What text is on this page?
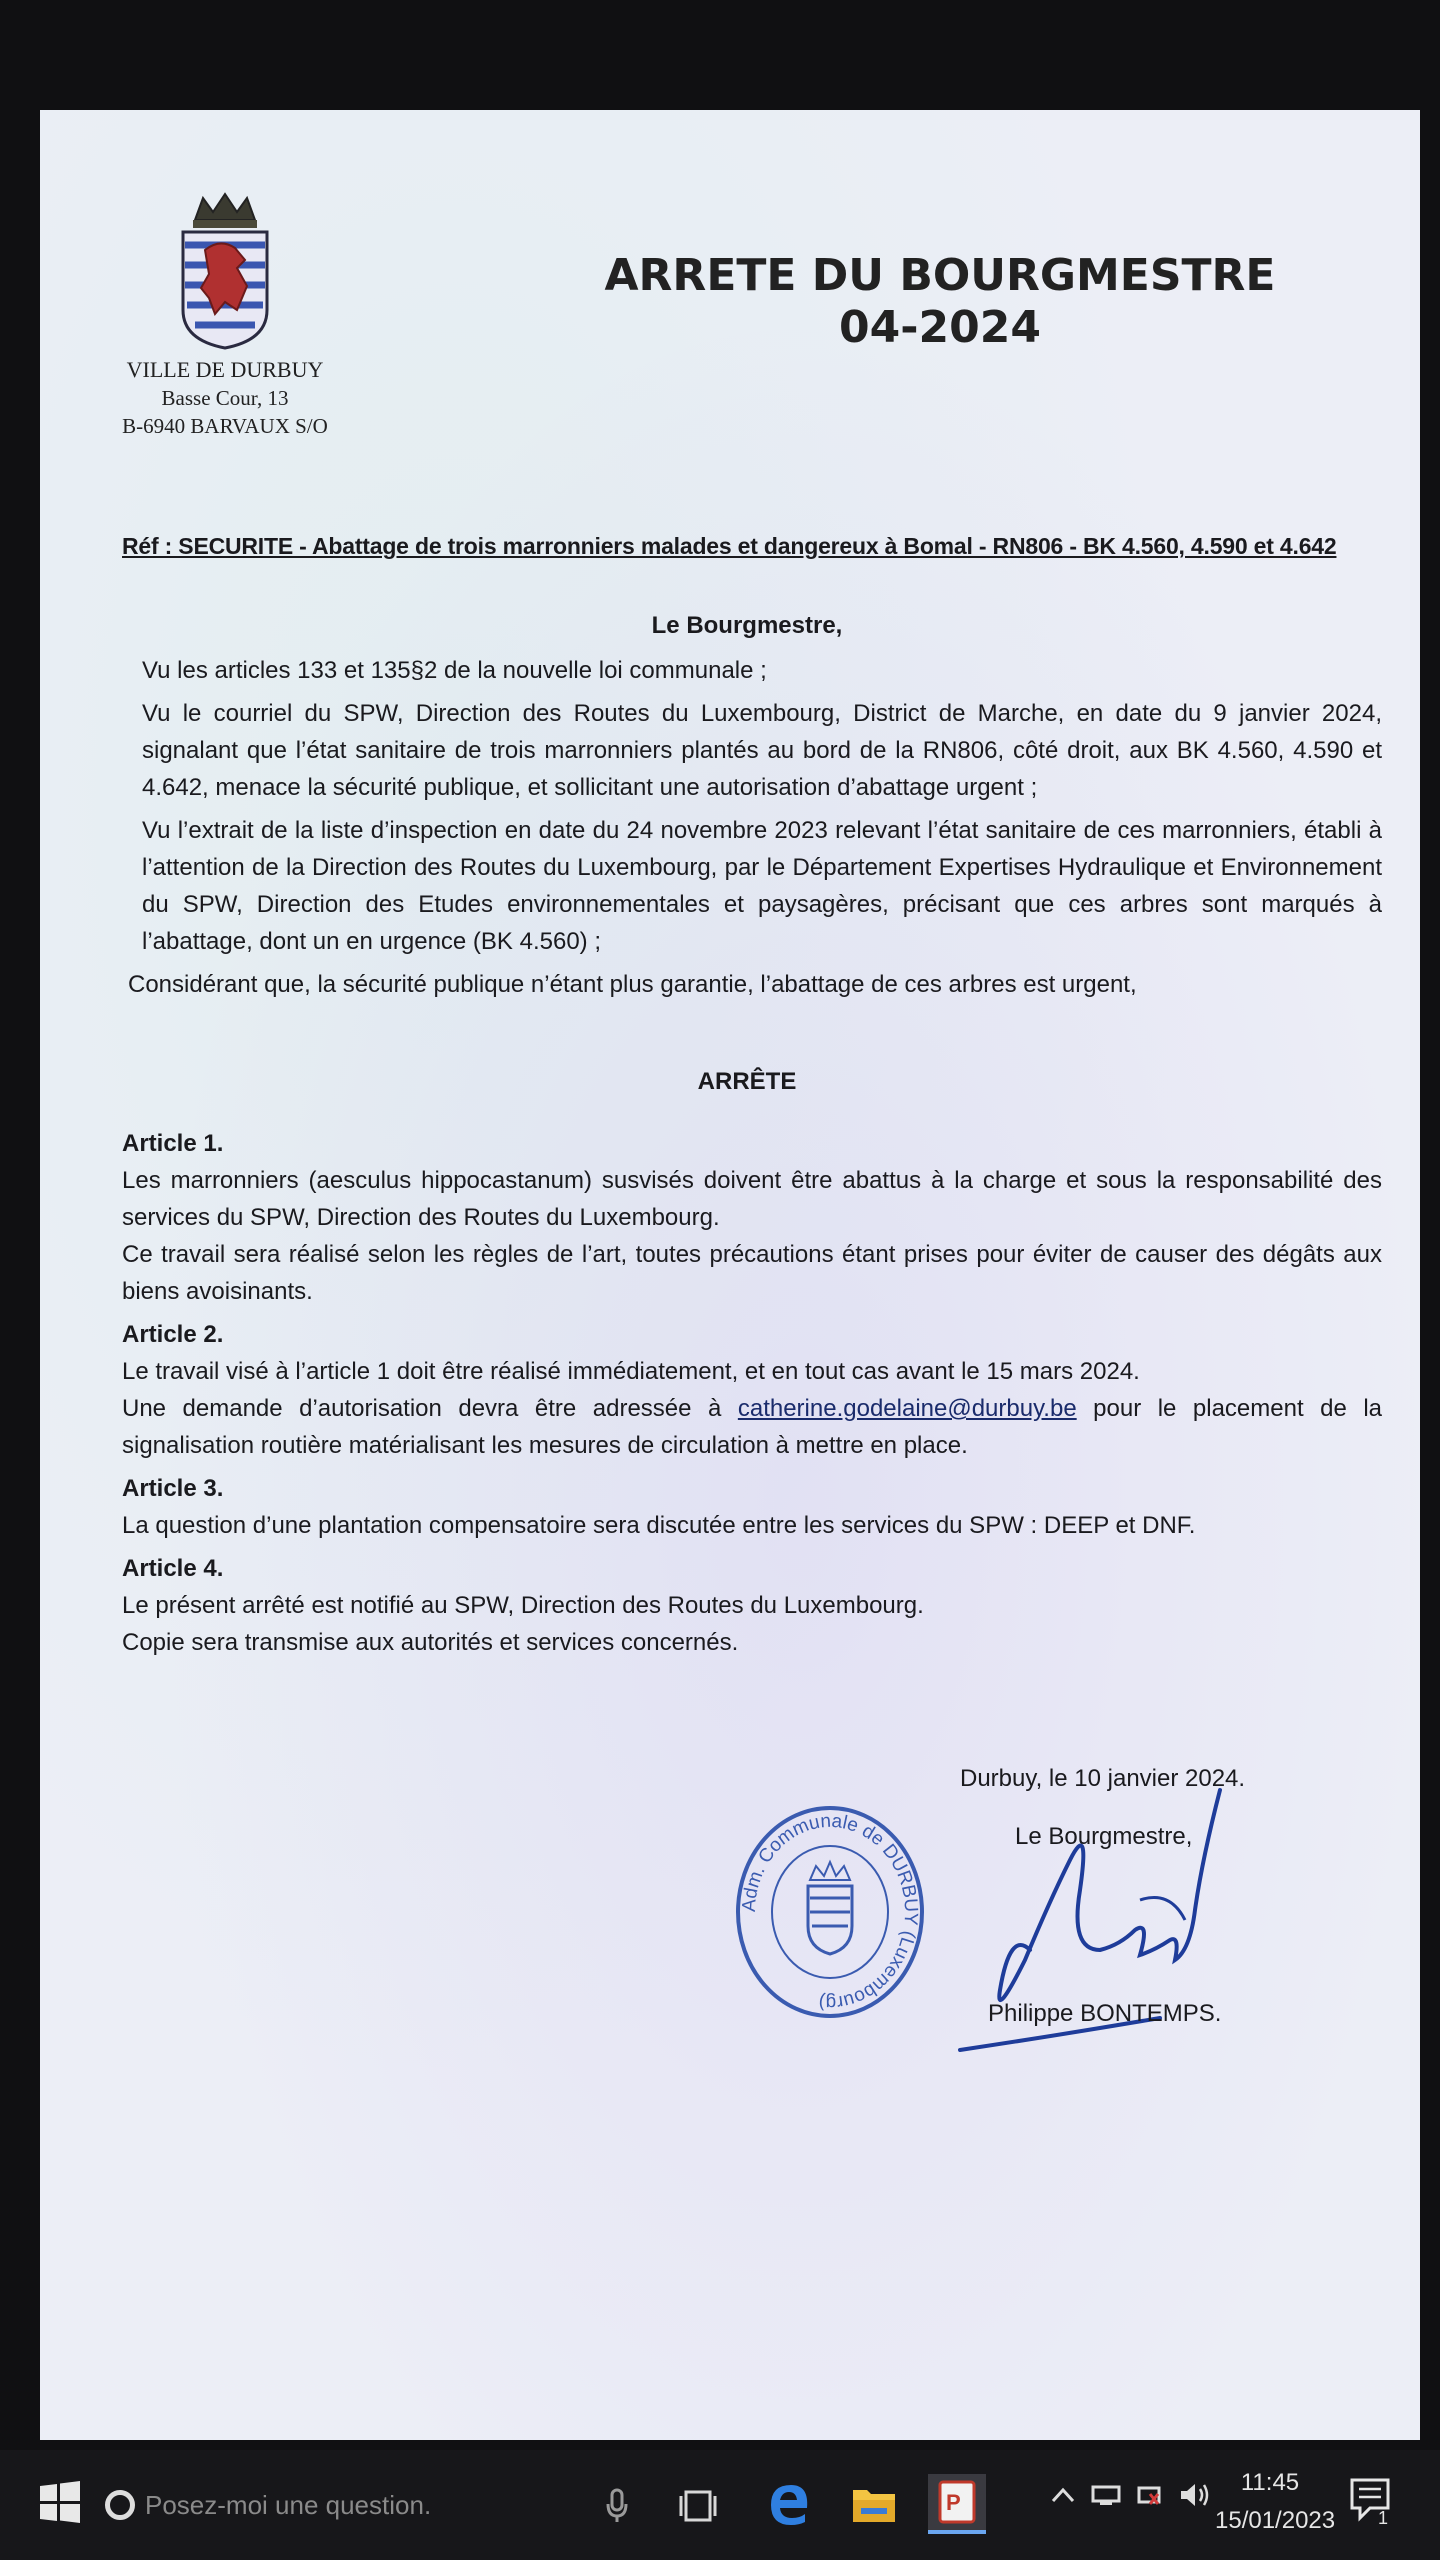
VILLE DE DURBUY
Basse Cour, 13
B-6940 BARVAUX S/O
ARRETE DU BOURGMESTRE
04-2024
Réf : SECURITE - Abattage de trois marronniers malades et dangereux à Bomal - RN806 - BK 4.560, 4.590 et 4.642
Le Bourgmestre,

Vu les articles 133 et 135§2 de la nouvelle loi communale ;

Vu le courriel du SPW, Direction des Routes du Luxembourg, District de Marche, en date du 9 janvier 2024, signalant que l’état sanitaire de trois marronniers plantés au bord de la RN806, côté droit, aux BK 4.560, 4.590 et 4.642, menace la sécurité publique, et sollicitant une autorisation d’abattage urgent ;

Vu l’extrait de la liste d’inspection en date du 24 novembre 2023 relevant l’état sanitaire de ces marronniers, établi à l’attention de la Direction des Routes du Luxembourg, par le Département Expertises Hydraulique et Environnement du SPW, Direction des Etudes environnementales et paysagères, précisant que ces arbres sont marqués à l’abattage, dont un en urgence (BK 4.560) ;

Considérant que, la sécurité publique n’étant plus garantie, l’abattage de ces arbres est urgent,

ARRÊTE

Article 1.

Les marronniers (aesculus hippocastanum) susvisés doivent être abattus à la charge et sous la responsabilité des services du SPW, Direction des Routes du Luxembourg.

Ce travail sera réalisé selon les règles de l’art, toutes précautions étant prises pour éviter de causer des dégâts aux biens avoisinants.

Article 2.

Le travail visé à l’article 1 doit être réalisé immédiatement, et en tout cas avant le 15 mars 2024.

Une demande d’autorisation devra être adressée à catherine.godelaine@durbuy.be pour le placement de la signalisation routière matérialisant les mesures de circulation à mettre en place.

Article 3.

La question d’une plantation compensatoire sera discutée entre les services du SPW : DEEP et DNF.

Article 4.

Le présent arrêté est notifié au SPW, Direction des Routes du Luxembourg.

Copie sera transmise aux autorités et services concernés.

Adm. Communale de DURBUY (Luxembourg)
Durbuy, le 10 janvier 2024.
Le Bourgmestre,
Philippe BONTEMPS.
Posez-moi une question.	P
11:45
15/01/2023 1
